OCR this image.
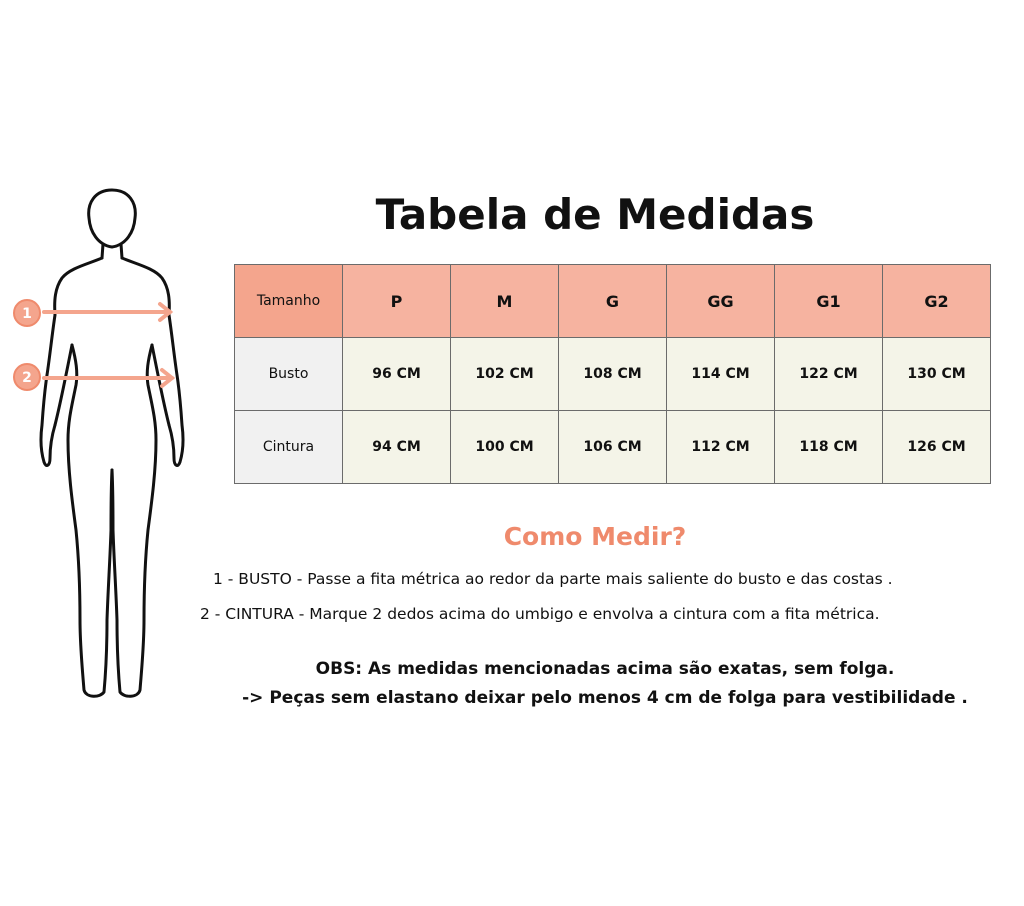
1
2
Tabela de Medidas
Tamanho	P	M	G	GG	G1	G2
Busto	96 CM	102 CM	108 CM	114 CM	122 CM	130 CM
Cintura	94 CM	100 CM	106 CM	112 CM	118 CM	126 CM
Como Medir?
1 - BUSTO - Passe a fita métrica ao redor da parte mais saliente do busto e das costas .
2 - CINTURA - Marque 2 dedos acima do umbigo e envolva a cintura com a fita métrica.
OBS: As medidas mencionadas acima são exatas, sem folga.
-> Peças sem elastano deixar pelo menos 4 cm de folga para vestibilidade .
